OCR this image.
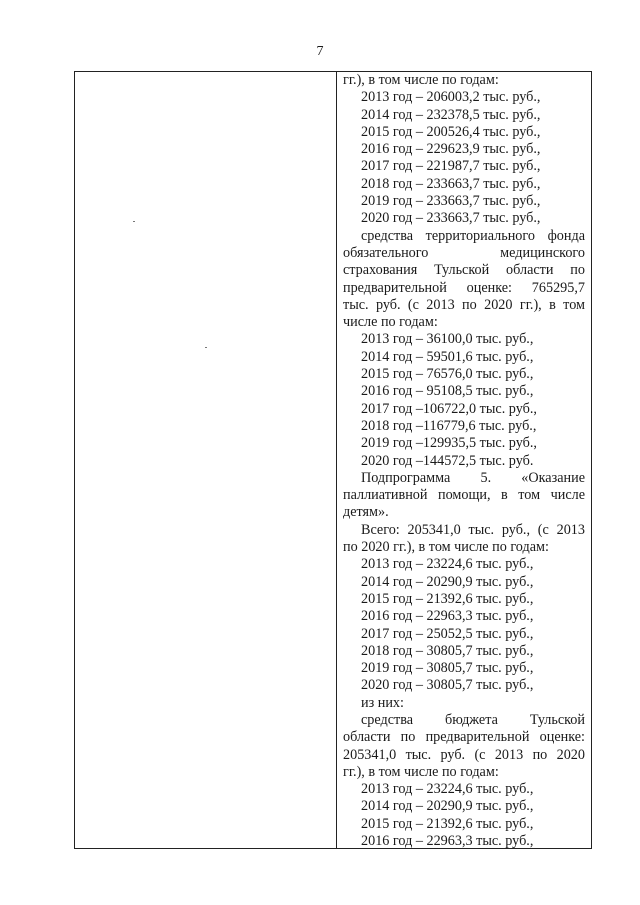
7
гг.), в том числе по годам:
2013 год – 206003,2 тыс. руб.,
2014 год – 232378,5 тыс. руб.,
2015 год – 200526,4 тыс. руб.,
2016 год – 229623,9 тыс. руб.,
2017 год – 221987,7 тыс. руб.,
2018 год – 233663,7 тыс. руб.,
2019 год – 233663,7 тыс. руб.,
2020 год – 233663,7 тыс. руб.,
средства территориального фонда
обязательного медицинского
страхования Тульской области по
предварительной оценке: 765295,7
тыс. руб. (с 2013 по 2020 гг.), в том
числе по годам:
2013 год – 36100,0 тыс. руб.,
2014 год – 59501,6 тыс. руб.,
2015 год – 76576,0 тыс. руб.,
2016 год – 95108,5 тыс. руб.,
2017 год –106722,0 тыс. руб.,
2018 год –116779,6 тыс. руб.,
2019 год –129935,5 тыс. руб.,
2020 год –144572,5 тыс. руб.
Подпрограмма 5. «Оказание
паллиативной помощи, в том числе
детям».
Всего: 205341,0 тыс. руб., (с 2013
по 2020 гг.), в том числе по годам:
2013 год – 23224,6 тыс. руб.,
2014 год – 20290,9 тыс. руб.,
2015 год – 21392,6 тыс. руб.,
2016 год – 22963,3 тыс. руб.,
2017 год – 25052,5 тыс. руб.,
2018 год – 30805,7 тыс. руб.,
2019 год – 30805,7 тыс. руб.,
2020 год – 30805,7 тыс. руб.,
из них:
средства бюджета Тульской
области по предварительной оценке:
205341,0 тыс. руб. (с 2013 по 2020
гг.), в том числе по годам:
2013 год – 23224,6 тыс. руб.,
2014 год – 20290,9 тыс. руб.,
2015 год – 21392,6 тыс. руб.,
2016 год – 22963,3 тыс. руб.,
